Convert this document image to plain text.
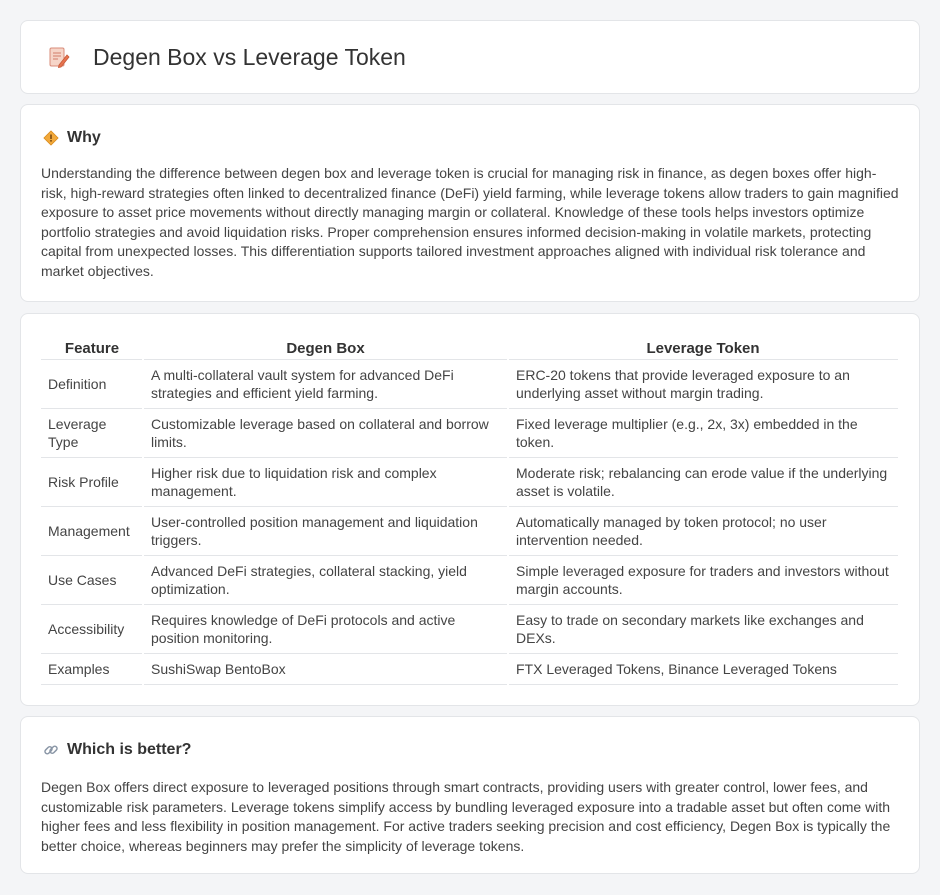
Degen Box vs Leverage Token
Why

Understanding the difference between degen box and leverage token is crucial for managing risk in finance, as degen boxes offer high-risk, high-reward strategies often linked to decentralized finance (DeFi) yield farming, while leverage tokens allow traders to gain magnified exposure to asset price movements without directly managing margin or collateral. Knowledge of these tools helps investors optimize portfolio strategies and avoid liquidation risks. Proper comprehension ensures informed decision-making in volatile markets, protecting capital from unexpected losses. This differentiation supports tailored investment approaches aligned with individual risk tolerance and market objectives.

Feature	Degen Box	Leverage Token
Definition	A multi-collateral vault system for advanced DeFi strategies and efficient yield farming.	ERC-20 tokens that provide leveraged exposure to an underlying asset without margin trading.
Leverage Type	Customizable leverage based on collateral and borrow limits.	Fixed leverage multiplier (e.g., 2x, 3x) embedded in the token.
Risk Profile	Higher risk due to liquidation risk and complex management.	Moderate risk; rebalancing can erode value if the underlying asset is volatile.
Management	User-controlled position management and liquidation triggers.	Automatically managed by token protocol; no user intervention needed.
Use Cases	Advanced DeFi strategies, collateral stacking, yield optimization.	Simple leveraged exposure for traders and investors without margin accounts.
Accessibility	Requires knowledge of DeFi protocols and active position monitoring.	Easy to trade on secondary markets like exchanges and DEXs.
Examples	SushiSwap BentoBox	FTX Leveraged Tokens, Binance Leveraged Tokens
Which is better?

Degen Box offers direct exposure to leveraged positions through smart contracts, providing users with greater control, lower fees, and customizable risk parameters. Leverage tokens simplify access by bundling leveraged exposure into a tradable asset but often come with higher fees and less flexibility in position management. For active traders seeking precision and cost efficiency, Degen Box is typically the better choice, whereas beginners may prefer the simplicity of leverage tokens.
